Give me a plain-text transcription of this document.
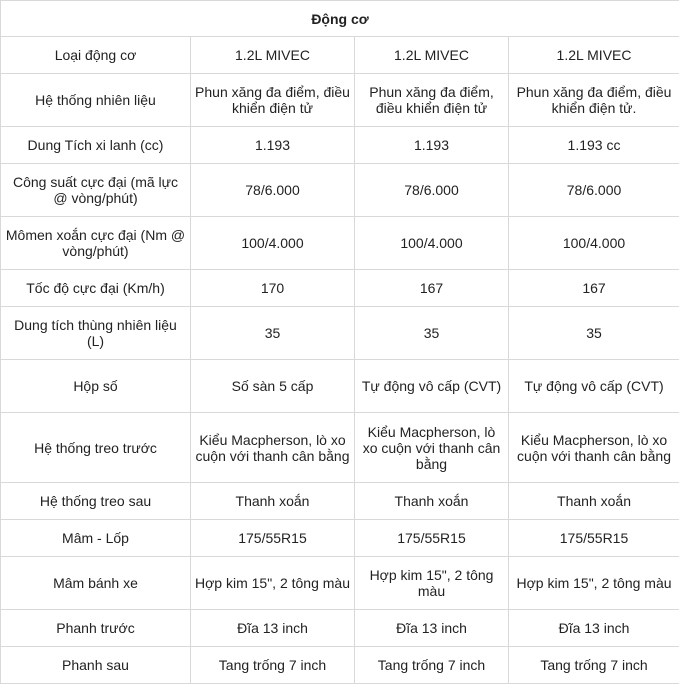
Động cơ			
Loại động cơ	1.2L MIVEC	1.2L MIVEC	1.2L MIVEC
Hệ thống nhiên liệu	Phun xăng đa điểm, điều khiển điện tử	Phun xăng đa điểm, điều khiển điện tử	Phun xăng đa điểm, điều khiển điện tử.
Dung Tích xi lanh (cc)	1.193	1.193	1.193 cc
Công suất cực đại (mã lực @ vòng/phút)	78/6.000	78/6.000	78/6.000
Mômen xoắn cực đại (Nm @ vòng/phút)	100/4.000	100/4.000	100/4.000
Tốc độ cực đại (Km/h)	170	167	167
Dung tích thùng nhiên liệu (L)	35	35	35
Hộp số	Số sàn 5 cấp	Tự động vô cấp (CVT)	Tự động vô cấp (CVT)
Hệ thống treo trước	Kiểu Macpherson, lò xo cuộn với thanh cân bằng	Kiểu Macpherson, lò xo cuộn với thanh cân bằng	Kiểu Macpherson, lò xo cuộn với thanh cân bằng
Hệ thống treo sau	Thanh xoắn	Thanh xoắn	Thanh xoắn
Mâm - Lốp	175/55R15	175/55R15	175/55R15
Mâm bánh xe	Hợp kim 15", 2 tông màu	Hợp kim 15", 2 tông màu	Hợp kim 15", 2 tông màu
Phanh trước	Đĩa 13 inch	Đĩa 13 inch	Đĩa 13 inch
Phanh sau	Tang trống 7 inch	Tang trống 7 inch	Tang trống 7 inch
